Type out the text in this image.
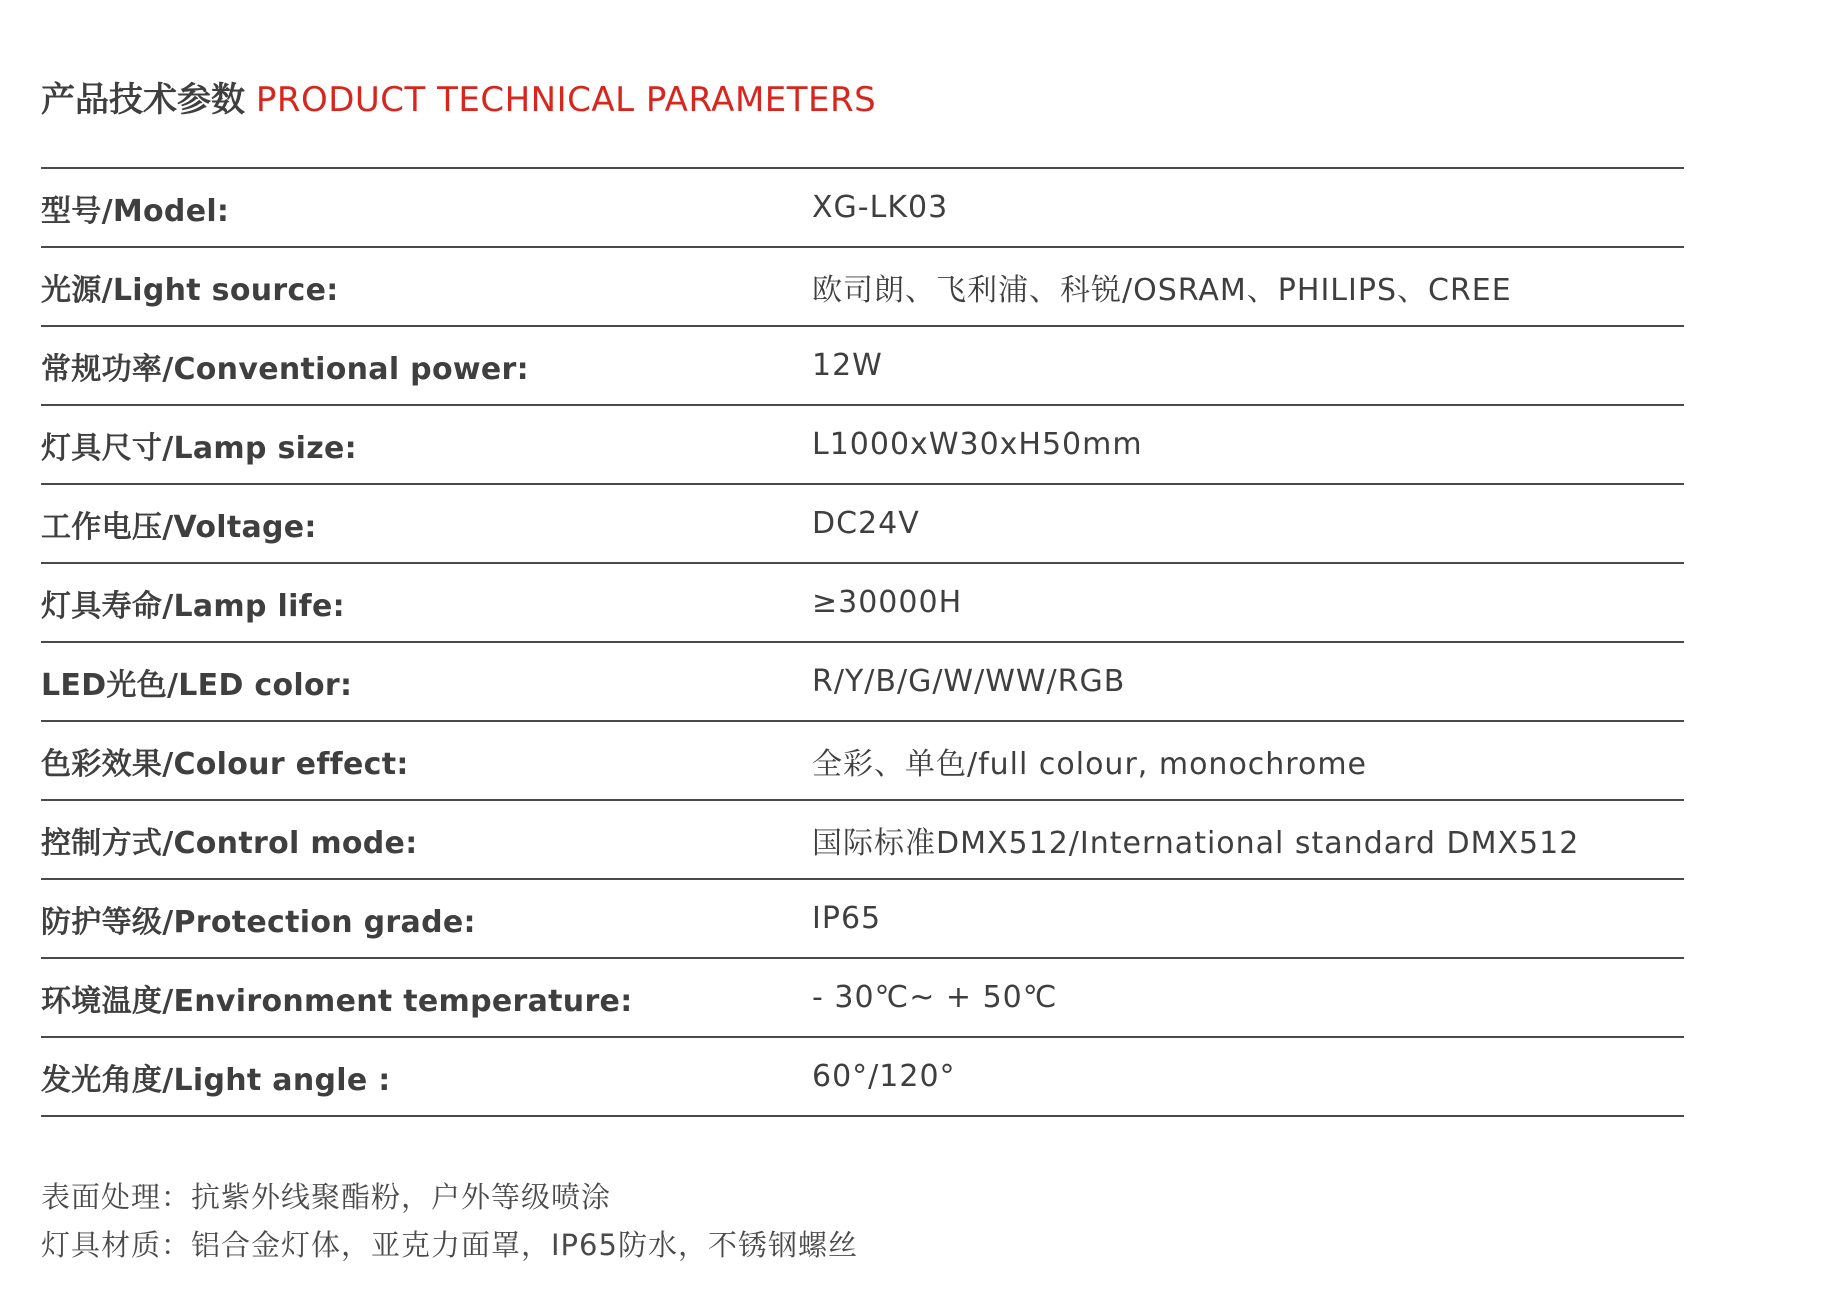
产品技术参数 PRODUCT TECHNICAL PARAMETERS
型号/Model:	XG-LK03
光源/Light source:	欧司朗、飞利浦、科锐/OSRAM、PHILIPS、CREE
常规功率/Conventional power:	12W
灯具尺寸/Lamp size:	L1000xW30xH50mm
工作电压/Voltage:	DC24V
灯具寿命/Lamp life:	≥30000H
LED光色/LED color:	R/Y/B/G/W/WW/RGB
色彩效果/Colour effect:	全彩、单色/full colour, monochrome
控制方式/Control mode:	国际标准DMX512/International standard DMX512
防护等级/Protection grade:	IP65
环境温度/Environment temperature:	- 30℃~ + 50℃
发光角度/Light angle :	60°/120°
表面处理：抗紫外线聚酯粉，户外等级喷涂
灯具材质：铝合金灯体，亚克力面罩，IP65防水，不锈钢螺丝
